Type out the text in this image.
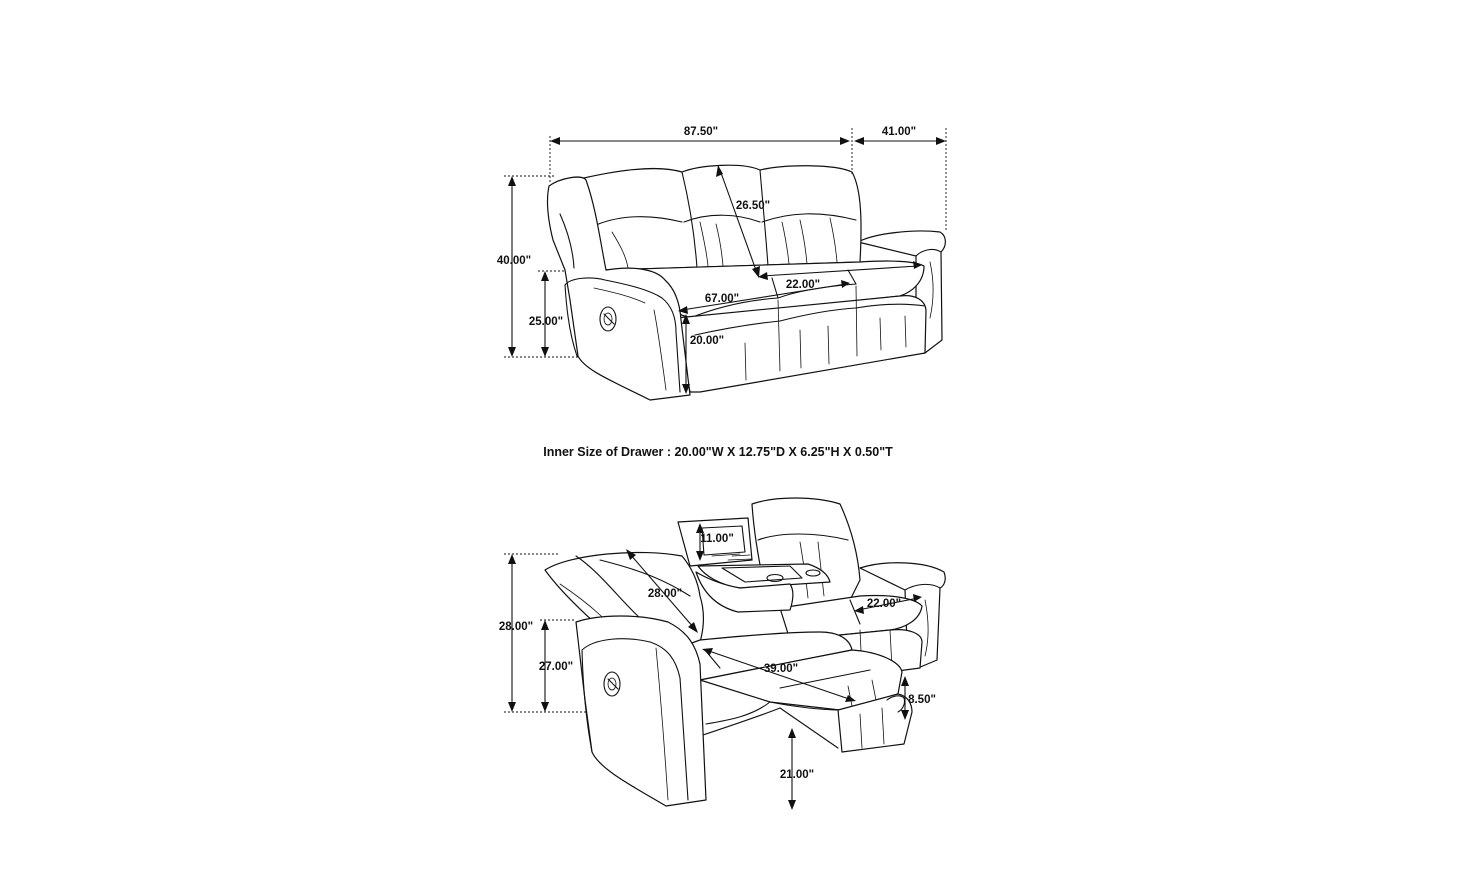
87.50"	41.00"
40.00"
25.00"
26.50"
22.00"
67.00"
20.00"
Inner Size of Drawer : 20.00"W X 12.75"D X 6.25"H X 0.50"T
11.00"
28.00"
22.00"
28.00"
27.00"	39.00"
8.50"
21.00"
